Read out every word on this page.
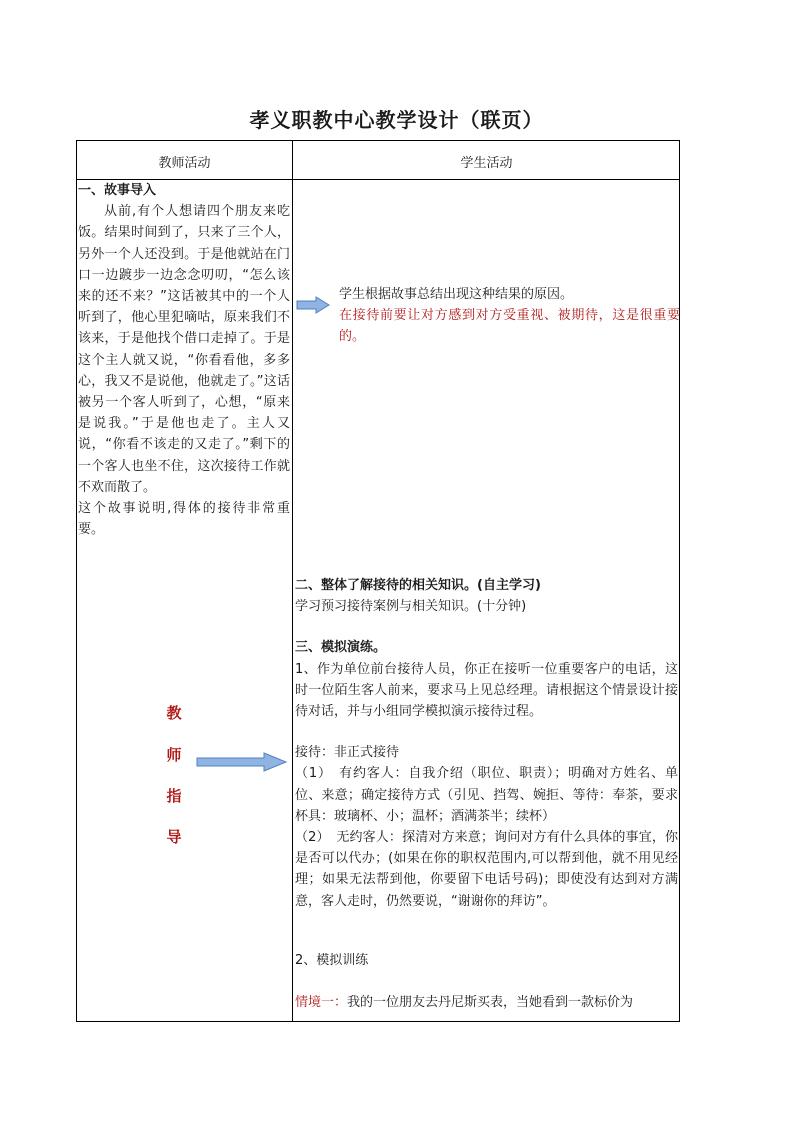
孝义职教中心教学设计（联页）
教师活动	学生活动

一、故事导入

从前,有个人想请四个朋友来吃饭。结果时间到了，只来了三个人，另外一个人还没到。于是他就站在门口一边踱步一边念念叨叨，“怎么该来的还不来？”这话被其中的一个人听到了，他心里犯嘀咕，原来我们不该来，于是他找个借口走掉了。于是这个主人就又说，“你看看他，多多心，我又不是说他，他就走了。”这话被另一个客人听到了，心想，“原来是说我。”于是他也走了。主人又说，“你看不该走的又走了。”剩下的一个客人也坐不住，这次接待工作就不欢而散了。

这个故事说明,得体的接待非常重要。

教
师
指
导

学生根据故事总结出现这种结果的原因。

在接待前要让对方感到对方受重视、被期待，这是很重要的。

二、整体了解接待的相关知识。(自主学习)

学习预习接待案例与相关知识。(十分钟)

三、模拟演练。

1、作为单位前台接待人员，你正在接听一位重要客户的电话，这时一位陌生客人前来，要求马上见总经理。请根据这个情景设计接待对话，并与小组同学模拟演示接待过程。

接待：非正式接待

（1）　有约客人：自我介绍（职位、职责）；明确对方姓名、单位、来意；确定接待方式（引见、挡驾、婉拒、等待：奉茶，要求杯具：玻璃杯、小；温杯；酒满茶半；续杯）

（2）　无约客人：探清对方来意；询问对方有什么具体的事宜，你是否可以代办；(如果在你的职权范围内,可以帮到他，就不用见经理；如果无法帮到他，你要留下电话号码)；即使没有达到对方满意，客人走时，仍然要说，“谢谢你的拜访”。

2、模拟训练

情境一：我的一位朋友去丹尼斯买表，当她看到一款标价为
